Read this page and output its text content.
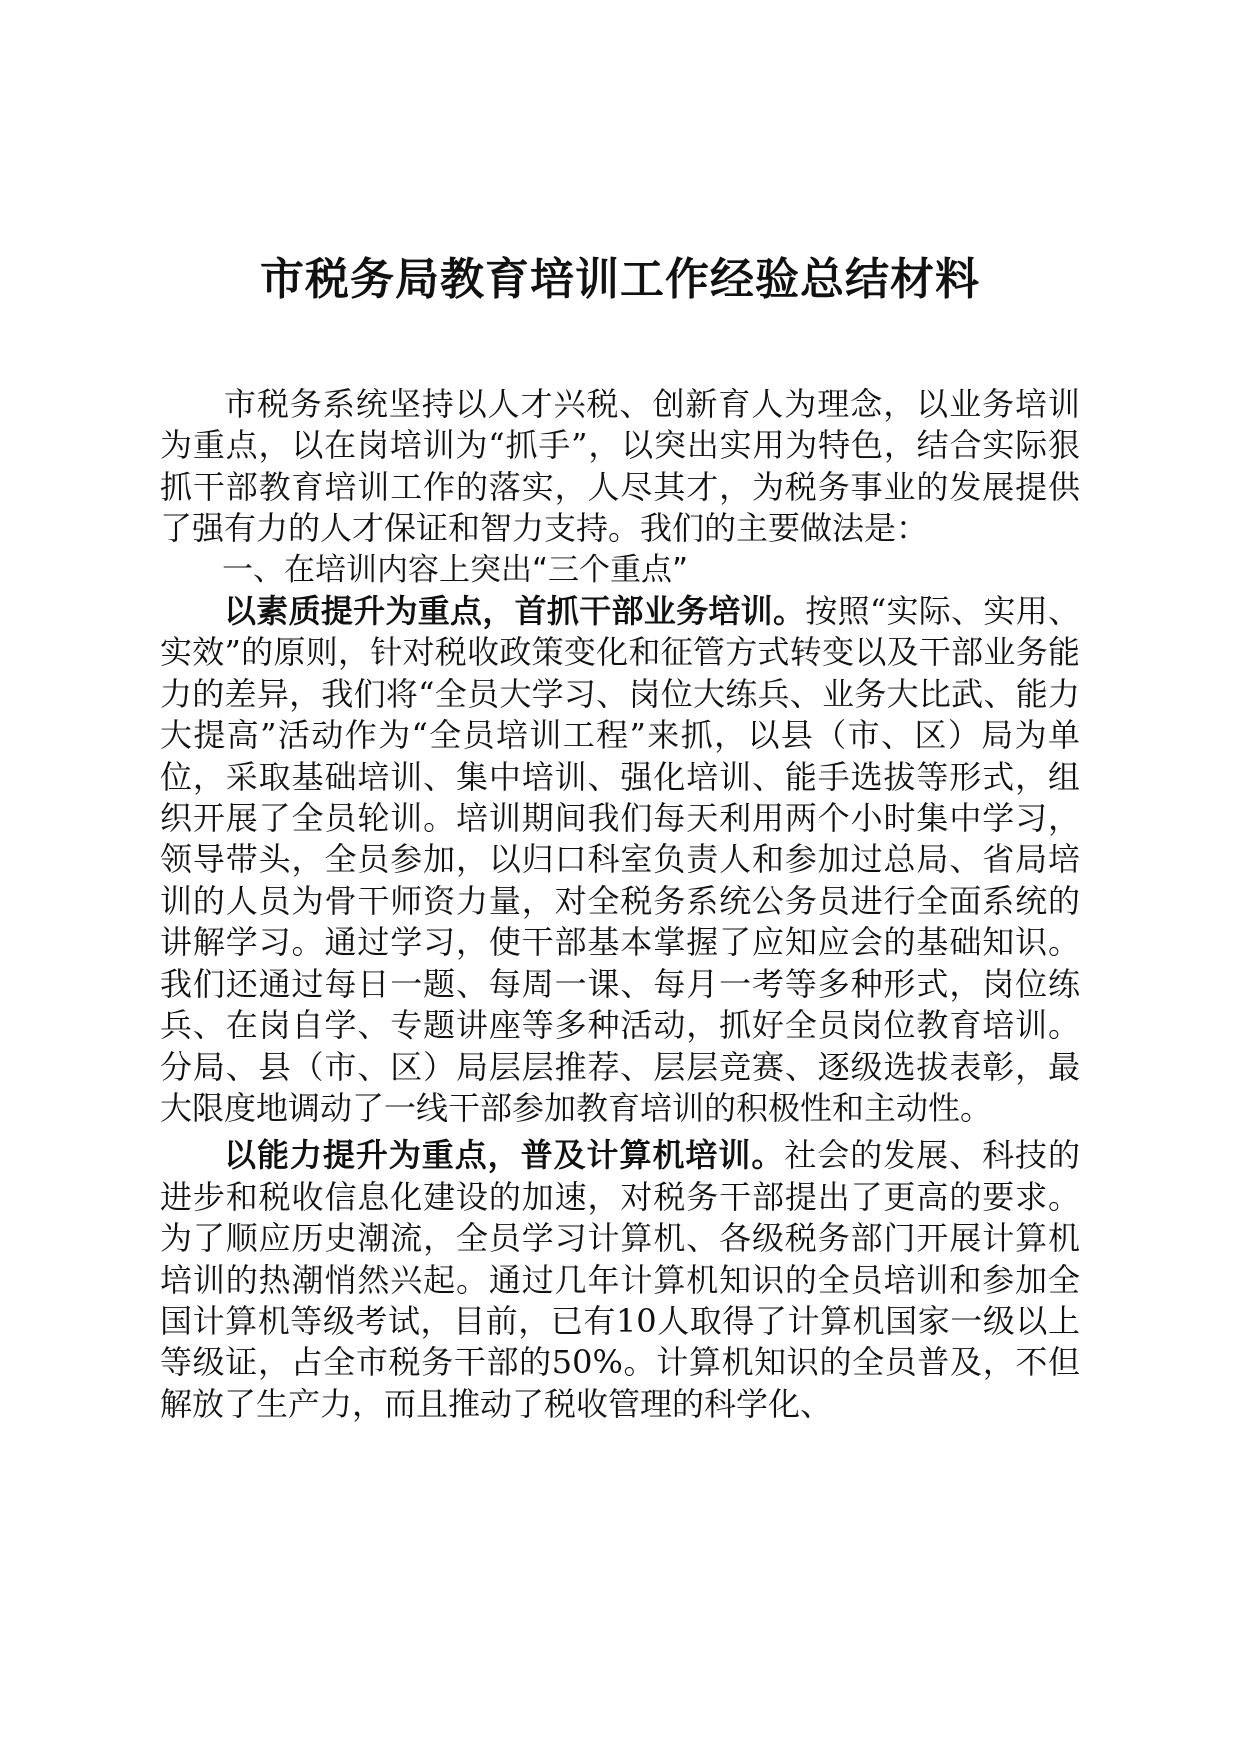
市税务局教育培训工作经验总结材料

市税务系统坚持以人才兴税、创新育人为理念，以业务培训为重点，以在岗培训为“抓手”，以突出实用为特色，结合实际狠抓干部教育培训工作的落实，人尽其才，为税务事业的发展提供了强有力的人才保证和智力支持。我们的主要做法是：

一、在培训内容上突出“三个重点”

以素质提升为重点，首抓干部业务培训。按照“实际、实用、实效”的原则，针对税收政策变化和征管方式转变以及干部业务能力的差异，我们将“全员大学习、岗位大练兵、业务大比武、能力大提高”活动作为“全员培训工程”来抓，以县（市、区）局为单位，采取基础培训、集中培训、强化培训、能手选拔等形式，组织开展了全员轮训。培训期间我们每天利用两个小时集中学习，领导带头，全员参加，以归口科室负责人和参加过总局、省局培训的人员为骨干师资力量，对全税务系统公务员进行全面系统的讲解学习。通过学习，使干部基本掌握了应知应会的基础知识。我们还通过每日一题、每周一课、每月一考等多种形式，岗位练兵、在岗自学、专题讲座等多种活动，抓好全员岗位教育培训。分局、县（市、区）局层层推荐、层层竞赛、逐级选拔表彰，最大限度地调动了一线干部参加教育培训的积极性和主动性。

以能力提升为重点，普及计算机培训。社会的发展、科技的进步和税收信息化建设的加速，对税务干部提出了更高的要求。为了顺应历史潮流，全员学习计算机、各级税务部门开展计算机培训的热潮悄然兴起。通过几年计算机知识的全员培训和参加全国计算机等级考试，目前，已有10人取得了计算机国家一级以上等级证，占全市税务干部的50%。计算机知识的全员普及，不但解放了生产力，而且推动了税收管理的科学化、
